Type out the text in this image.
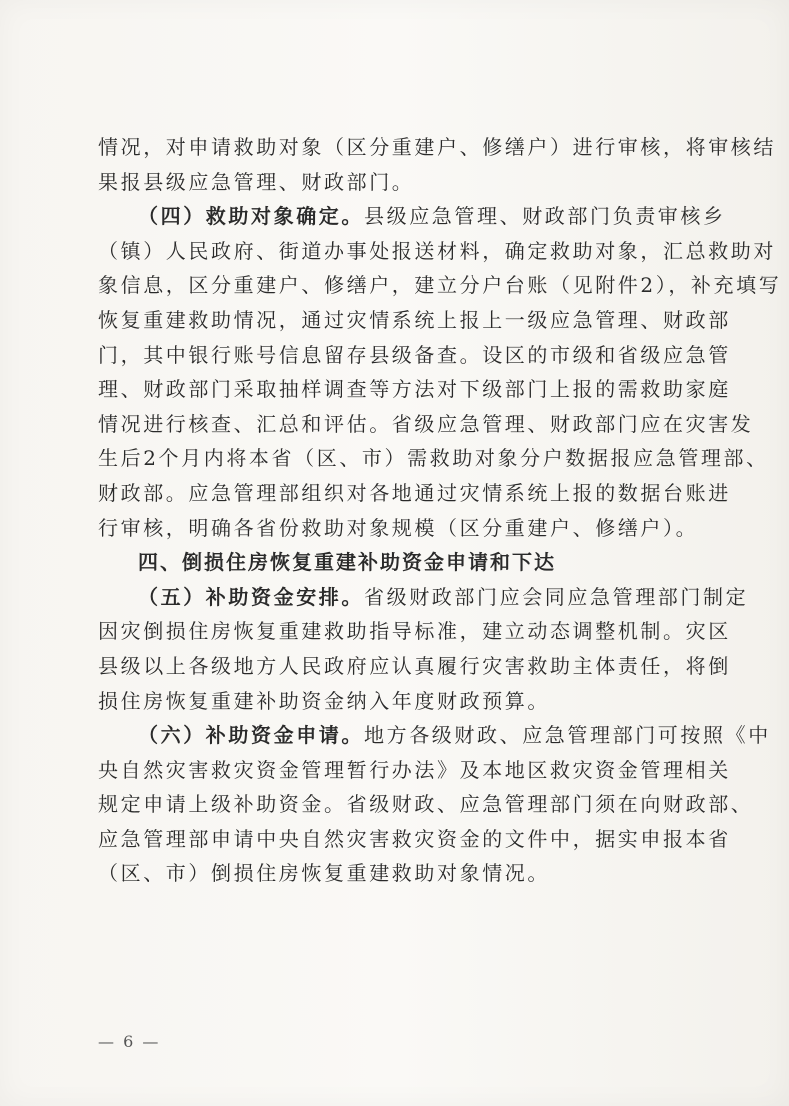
情况，对申请救助对象（区分重建户、修缮户）进行审核，将审核结
果报县级应急管理、财政部门。
（四）救助对象确定。县级应急管理、财政部门负责审核乡
（镇）人民政府、街道办事处报送材料，确定救助对象，汇总救助对
象信息，区分重建户、修缮户，建立分户台账（见附件2），补充填写
恢复重建救助情况，通过灾情系统上报上一级应急管理、财政部
门，其中银行账号信息留存县级备查。设区的市级和省级应急管
理、财政部门采取抽样调查等方法对下级部门上报的需救助家庭
情况进行核查、汇总和评估。省级应急管理、财政部门应在灾害发
生后2个月内将本省（区、市）需救助对象分户数据报应急管理部、
财政部。应急管理部组织对各地通过灾情系统上报的数据台账进
行审核，明确各省份救助对象规模（区分重建户、修缮户）。
四、倒损住房恢复重建补助资金申请和下达
（五）补助资金安排。省级财政部门应会同应急管理部门制定
因灾倒损住房恢复重建救助指导标准，建立动态调整机制。灾区
县级以上各级地方人民政府应认真履行灾害救助主体责任，将倒
损住房恢复重建补助资金纳入年度财政预算。
（六）补助资金申请。地方各级财政、应急管理部门可按照《中
央自然灾害救灾资金管理暂行办法》及本地区救灾资金管理相关
规定申请上级补助资金。省级财政、应急管理部门须在向财政部、
应急管理部申请中央自然灾害救灾资金的文件中，据实申报本省
（区、市）倒损住房恢复重建救助对象情况。
— 6 —
